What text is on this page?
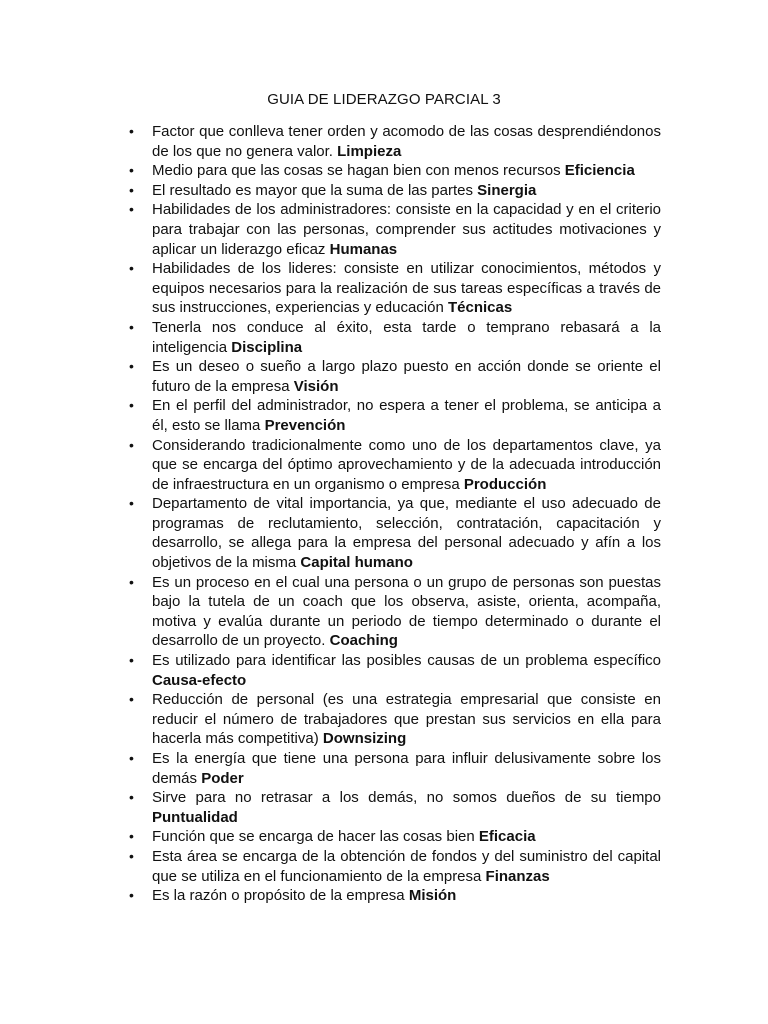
GUIA DE LIDERAZGO PARCIAL 3
• Factor que conlleva tener orden y acomodo de las cosas desprendiéndonos de los que no genera valor. Limpieza
• Medio para que las cosas se hagan bien con menos recursos Eficiencia
• El resultado es mayor que la suma de las partes Sinergia
• Habilidades de los administradores: consiste en la capacidad y en el criterio para trabajar con las personas, comprender sus actitudes motivaciones y aplicar un liderazgo eficaz Humanas
• Habilidades de los lideres: consiste en utilizar conocimientos, métodos y equipos necesarios para la realización de sus tareas específicas a través de sus instrucciones, experiencias y educación Técnicas
• Tenerla nos conduce al éxito, esta tarde o temprano rebasará a la inteligencia Disciplina
• Es un deseo o sueño a largo plazo puesto en acción donde se oriente el futuro de la empresa Visión
• En el perfil del administrador, no espera a tener el problema, se anticipa a él, esto se llama Prevención
• Considerando tradicionalmente como uno de los departamentos clave, ya que se encarga del óptimo aprovechamiento y de la adecuada introducción de infraestructura en un organismo o empresa Producción
• Departamento de vital importancia, ya que, mediante el uso adecuado de programas de reclutamiento, selección, contratación, capacitación y desarrollo, se allega para la empresa del personal adecuado y afín a los objetivos de la misma Capital humano
• Es un proceso en el cual una persona o un grupo de personas son puestas bajo la tutela de un coach que los observa, asiste, orienta, acompaña, motiva y evalúa durante un periodo de tiempo determinado o durante el desarrollo de un proyecto. Coaching
• Es utilizado para identificar las posibles causas de un problema específico Causa-efecto
• Reducción de personal (es una estrategia empresarial que consiste en reducir el número de trabajadores que prestan sus servicios en ella para hacerla más competitiva) Downsizing
• Es la energía que tiene una persona para influir delusivamente sobre los demás Poder
• Sirve para no retrasar a los demás, no somos dueños de su tiempo Puntualidad
• Función que se encarga de hacer las cosas bien Eficacia
• Esta área se encarga de la obtención de fondos y del suministro del capital que se utiliza en el funcionamiento de la empresa Finanzas
• Es la razón o propósito de la empresa Misión
